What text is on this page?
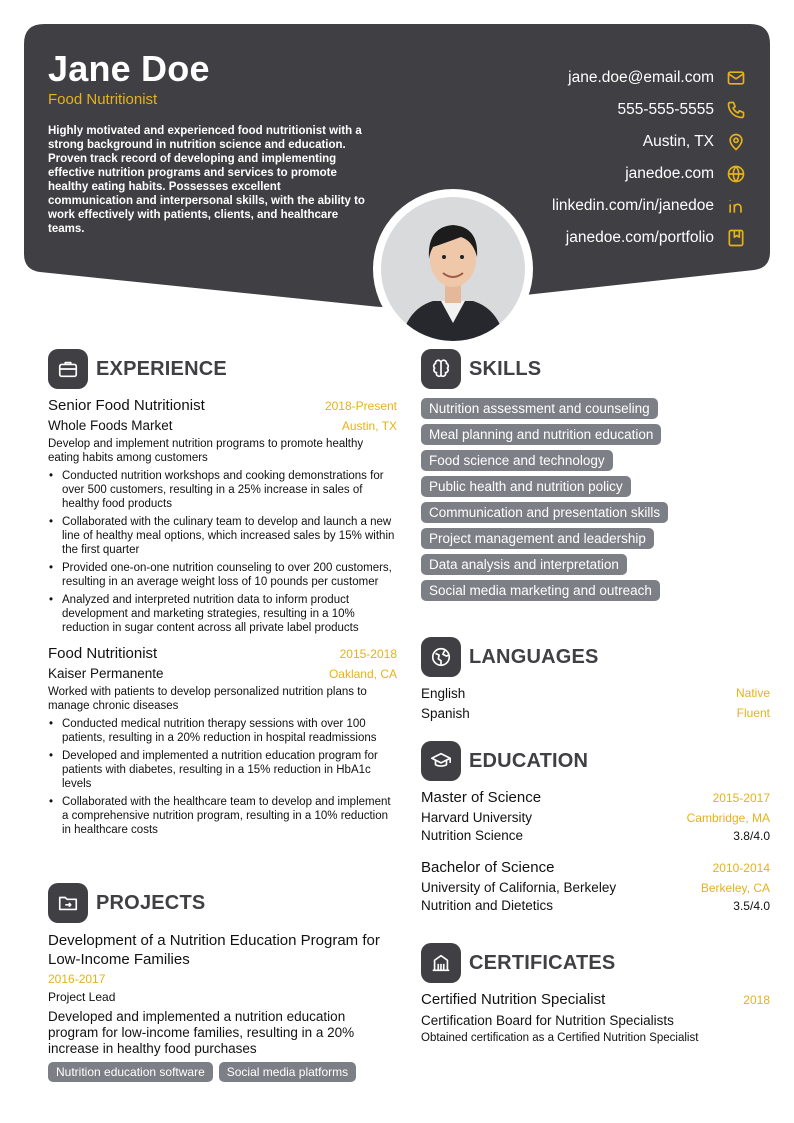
Jane Doe
Food Nutritionist
Highly motivated and experienced food nutritionist with a strong background in nutrition science and education. Proven track record of developing and implementing effective nutrition programs and services to promote healthy eating habits. Possesses excellent communication and interpersonal skills, with the ability to work effectively with patients, clients, and healthcare teams.
jane.doe@email.com
555-555-5555
Austin, TX
janedoe.com
linkedin.com/in/janedoe
janedoe.com/portfolio
EXPERIENCE
Senior Food Nutritionist	2018-Present
Whole Foods Market	Austin, TX
Develop and implement nutrition programs to promote healthy eating habits among customers
• Conducted nutrition workshops and cooking demonstrations for over 500 customers, resulting in a 25% increase in sales of healthy food products
• Collaborated with the culinary team to develop and launch a new line of healthy meal options, which increased sales by 15% within the first quarter
• Provided one-on-one nutrition counseling to over 200 customers, resulting in an average weight loss of 10 pounds per customer
• Analyzed and interpreted nutrition data to inform product development and marketing strategies, resulting in a 10% reduction in sugar content across all private label products
Food Nutritionist	2015-2018
Kaiser Permanente	Oakland, CA
Worked with patients to develop personalized nutrition plans to manage chronic diseases
• Conducted medical nutrition therapy sessions with over 100 patients, resulting in a 20% reduction in hospital readmissions
• Developed and implemented a nutrition education program for patients with diabetes, resulting in a 15% reduction in HbA1c levels
• Collaborated with the healthcare team to develop and implement a comprehensive nutrition program, resulting in a 10% reduction in healthcare costs
PROJECTS
Development of a Nutrition Education Program for Low-Income Families
2016-2017
Project Lead
Developed and implemented a nutrition education program for low-income families, resulting in a 20% increase in healthy food purchases
Nutrition education software Social media platforms
SKILLS
Nutrition assessment and counseling
Meal planning and nutrition education
Food science and technology
Public health and nutrition policy
Communication and presentation skills
Project management and leadership
Data analysis and interpretation
Social media marketing and outreach
LANGUAGES
English	Native
Spanish	Fluent
EDUCATION
Master of Science	2015-2017
Harvard University	Cambridge, MA
Nutrition Science	3.8/4.0
Bachelor of Science	2010-2014
University of California, Berkeley	Berkeley, CA
Nutrition and Dietetics	3.5/4.0
CERTIFICATES
Certified Nutrition Specialist	2018
Certification Board for Nutrition Specialists
Obtained certification as a Certified Nutrition Specialist
